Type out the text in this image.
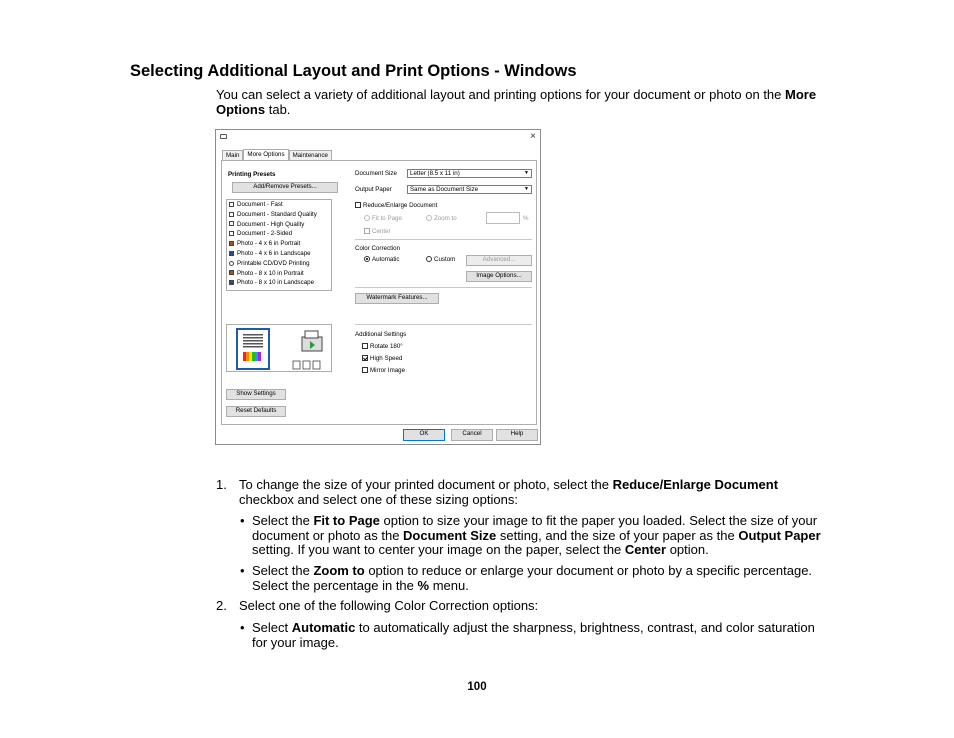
Selecting Additional Layout and Print Options - Windows
You can select a variety of additional layout and printing options for your document or photo on the More Options tab.
×
Main	More Options	Maintenance
Printing Presets
Add/Remove Presets...
Document - Fast
Document - Standard Quality
Document - High Quality
Document - 2-Sided
Photo - 4 x 6 in Portrait
Photo - 4 x 6 in Landscape
Printable CD/DVD Printing
Photo - 8 x 10 in Portrait
Photo - 8 x 10 in Landscape
Show Settings
Reset Defaults
Document Size	Letter (8.5 x 11 in)	▼
Output Paper	Same as Document Size	▼
Reduce/Enlarge Document
Fit to Page	Zoom to	%
Center
Color Correction
Automatic	Custom	Advanced...
Image Options...
Watermark Features...
Additional Settings
Rotate 180°
High Speed
Mirror Image
OK	Cancel	Help
1. To change the size of your printed document or photo, select the Reduce/Enlarge Document checkbox and select one of these sizing options:
• Select the Fit to Page option to size your image to fit the paper you loaded. Select the size of your document or photo as the Document Size setting, and the size of your paper as the Output Paper setting. If you want to center your image on the paper, select the Center option.
• Select the Zoom to option to reduce or enlarge your document or photo by a specific percentage. Select the percentage in the % menu.
2. Select one of the following Color Correction options:
• Select Automatic to automatically adjust the sharpness, brightness, contrast, and color saturation for your image.
100
